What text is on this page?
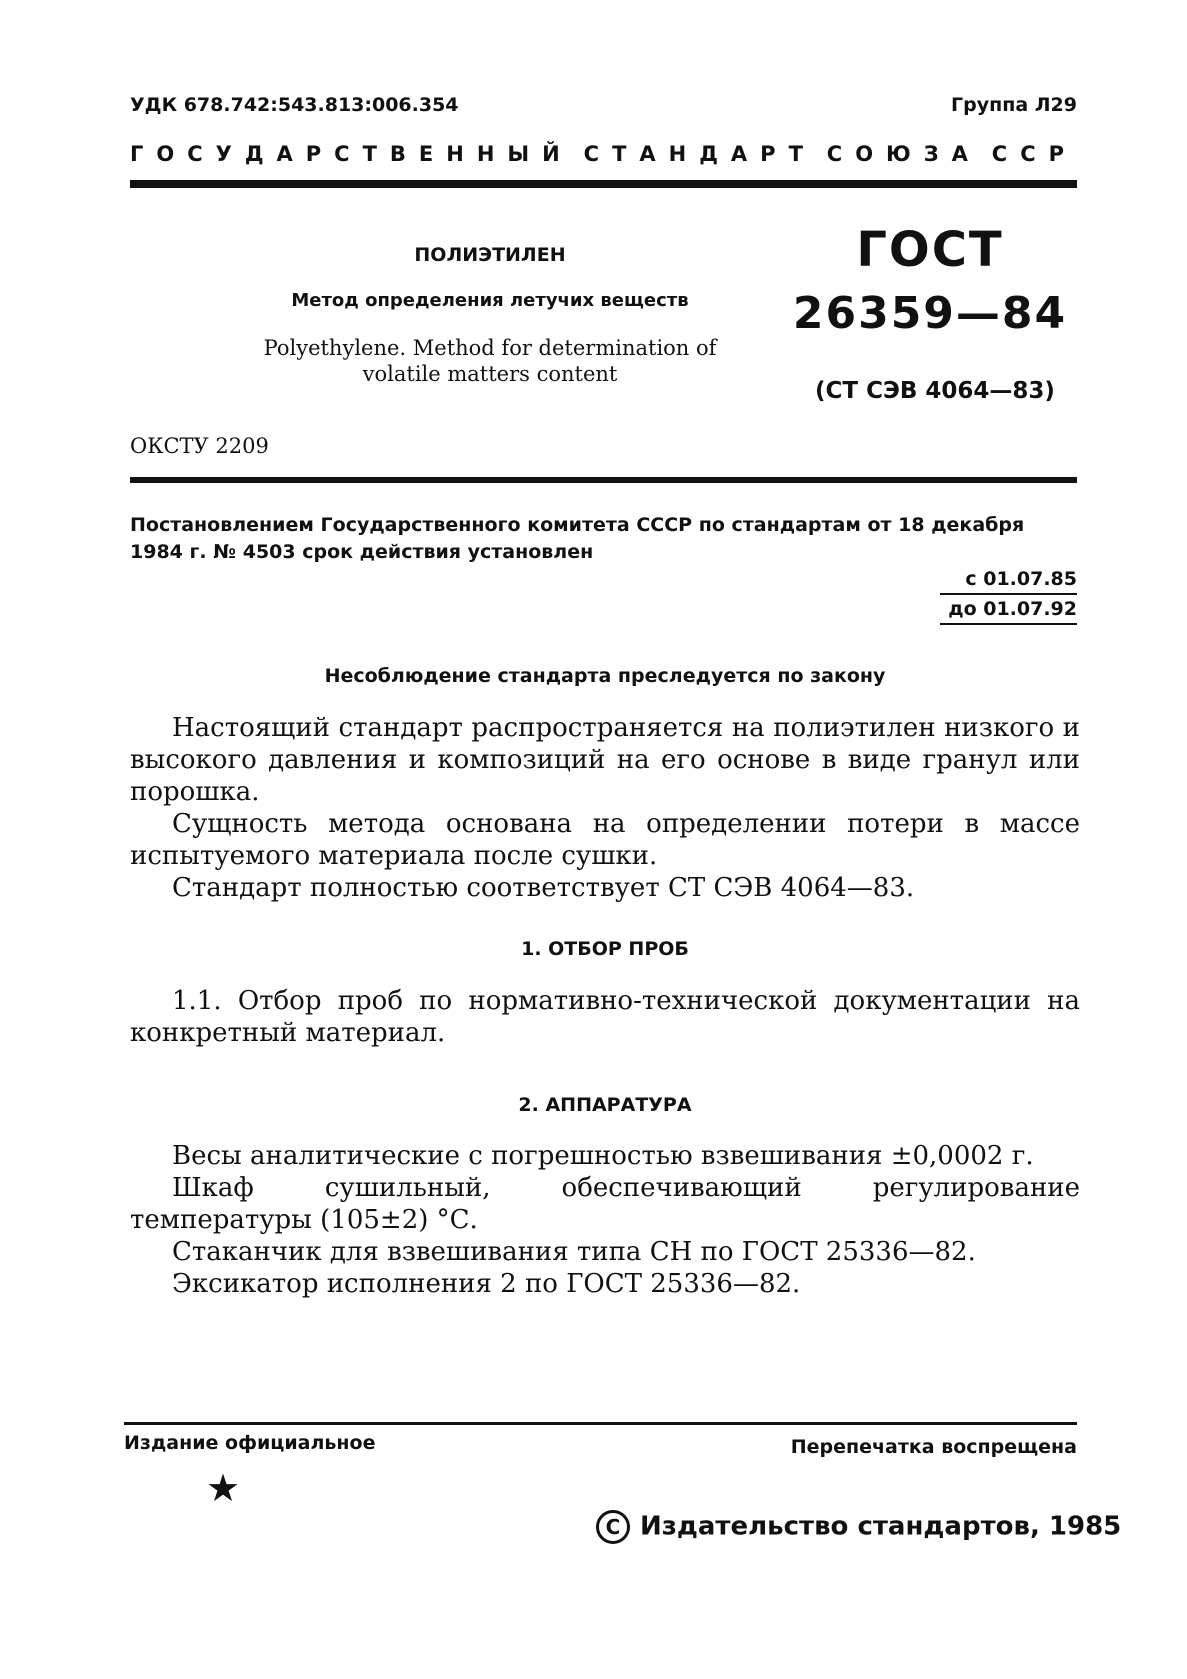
УДК 678.742:543.813:006.354	Группа Л29
ГОСУДАРСТВЕННЫЙ СТАНДАРТ СОЮЗА ССР
ПОЛИЭТИЛЕН
Метод определения летучих веществ
Polyethylene. Method for determination of
volatile matters content
ГОСТ
26359—84
(СТ СЭВ 4064—83)
ОКСТУ 2209
Постановлением Государственного комитета СССР по стандартам от 18 декабря 1984 г. № 4503 срок действия установлен
с 01.07.85
до 01.07.92
Несоблюдение стандарта преследуется по закону
Настоящий стандарт распространяется на полиэтилен низкого и высокого давления и композиций на его основе в виде гранул или порошка.
Сущность метода основана на определении потери в массе испытуемого материала после сушки.
Стандарт полностью соответствует СТ СЭВ 4064—83.
1. ОТБОР ПРОБ
1.1. Отбор проб по нормативно-технической документации на конкретный материал.
2. АППАРАТУРА
Весы аналитические с погрешностью взвешивания ±0,0002 г.
Шкаф сушильный, обеспечивающий регулирование температуры (105±2) °С.
Стаканчик для взвешивания типа СН по ГОСТ 25336—82.
Эксикатор исполнения 2 по ГОСТ 25336—82.
Издание официальное	Перепечатка воспрещена
★
C Издательство стандартов, 1985
